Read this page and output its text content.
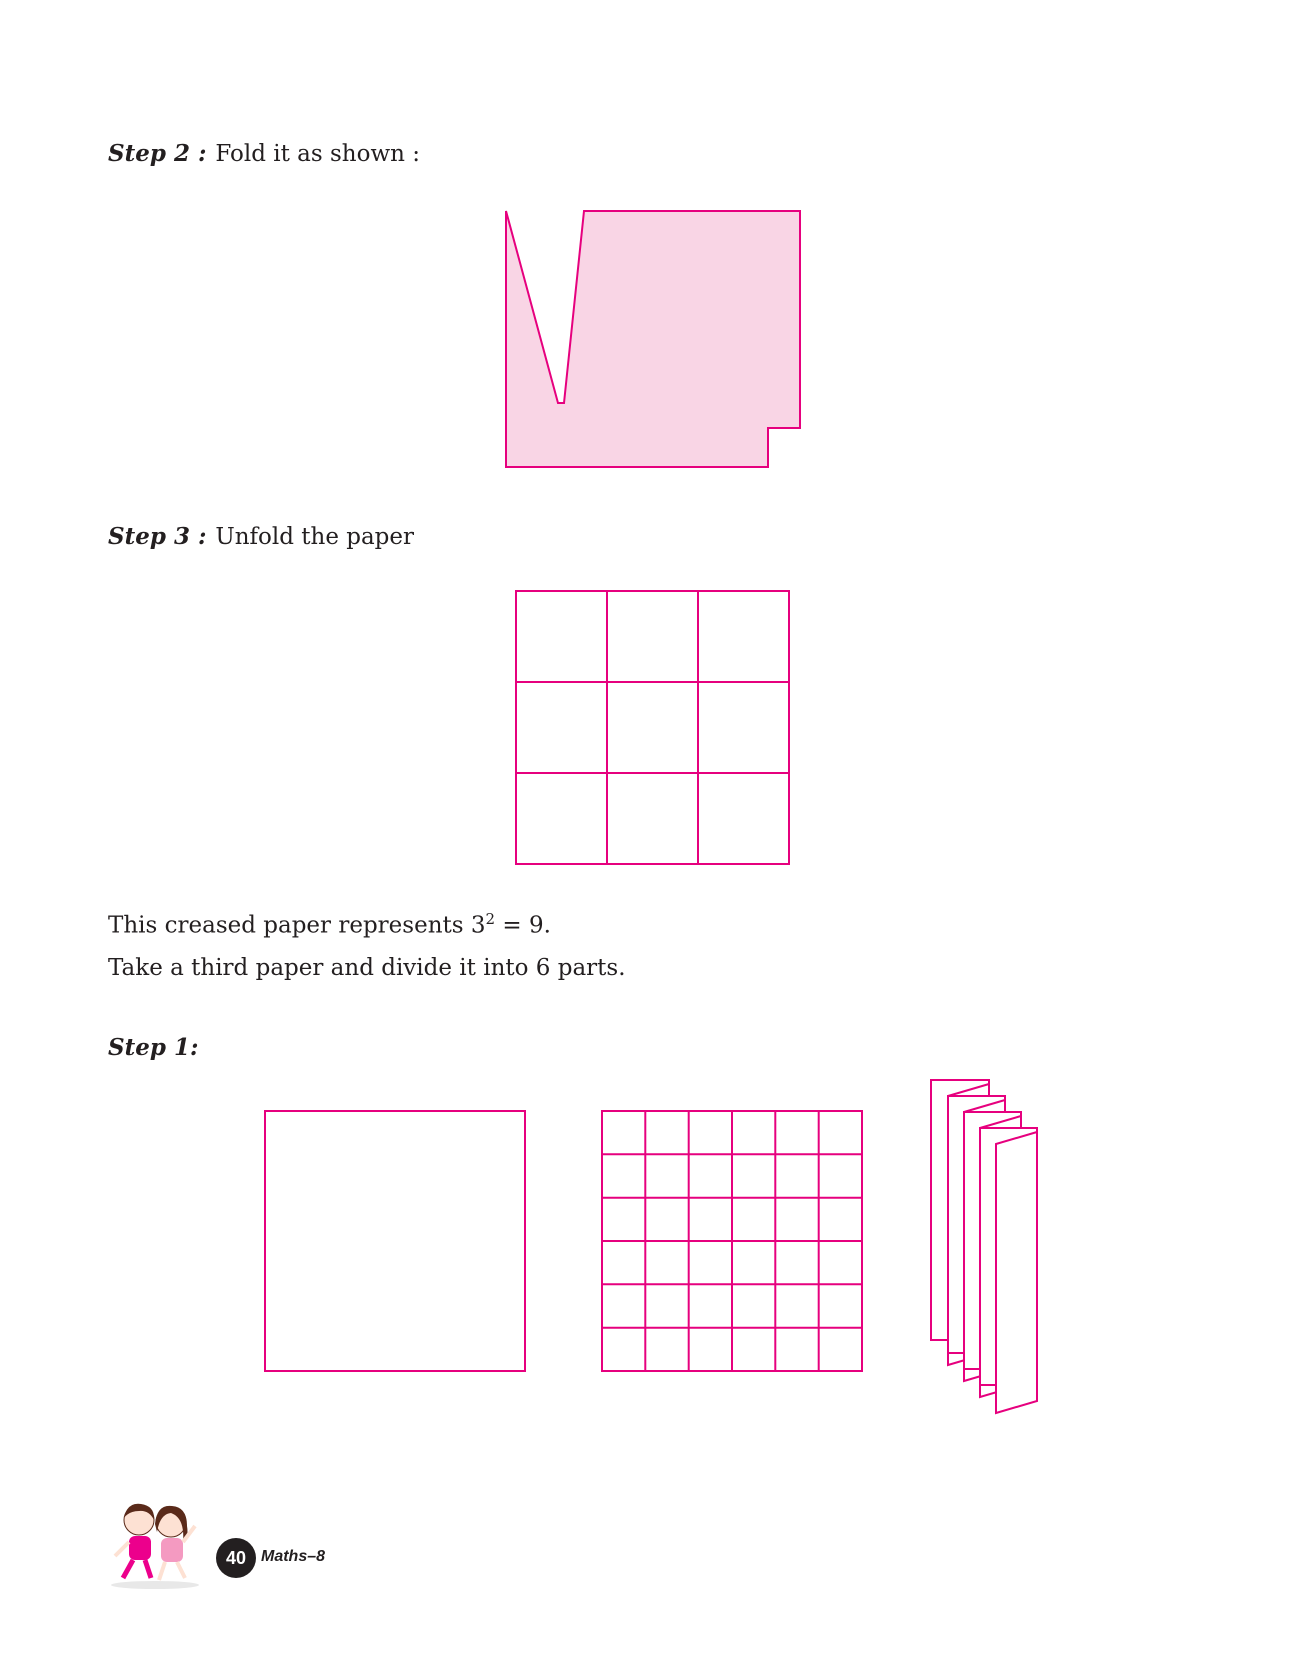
Step 2 : Fold it as shown :
Step 3 : Unfold the paper
This creased paper represents $3^2 = 9$.
Take a third paper and divide it into 6 parts.
Step 1:
40 Maths–8
